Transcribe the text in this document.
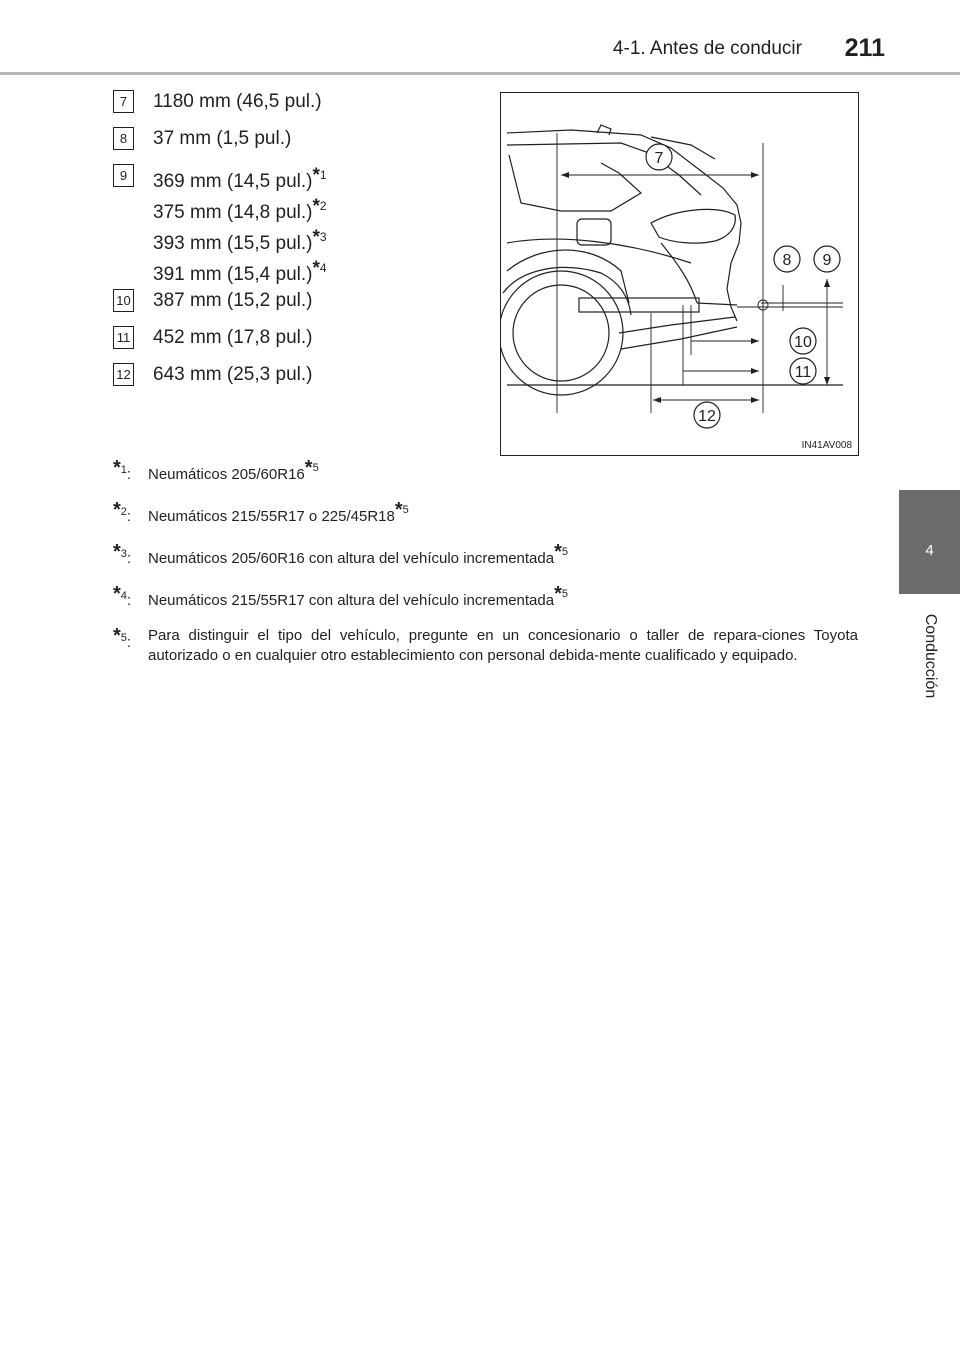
4-1. Antes de conducir 211
4
Conducción
7	1180 mm (46,5 pul.)
8	37 mm (1,5 pul.)
9	369 mm (14,5 pul.)*$^1$
375 mm (14,8 pul.)*$^2$
393 mm (15,5 pul.)*$^3$
391 mm (15,4 pul.)*$^4$
10 387 mm (15,2 pul.)
11 452 mm (17,8 pul.)
12 643 mm (25,3 pul.)
7
8 9
10
11
12
IN41AV008
*$^1$: Neumáticos 205/60R16*$^5$
*$^2$: Neumáticos 215/55R17 o 225/45R18*$^5$
*$^3$: Neumáticos 205/60R16 con altura del vehículo incrementada*$^5$
*$^4$: Neumáticos 215/55R17 con altura del vehículo incrementada*$^5$
*$^5$: Para distinguir el tipo del vehículo, pregunte en un concesionario o taller de repara-ciones Toyota autorizado o en cualquier otro establecimiento con personal debida-mente cualificado y equipado.
